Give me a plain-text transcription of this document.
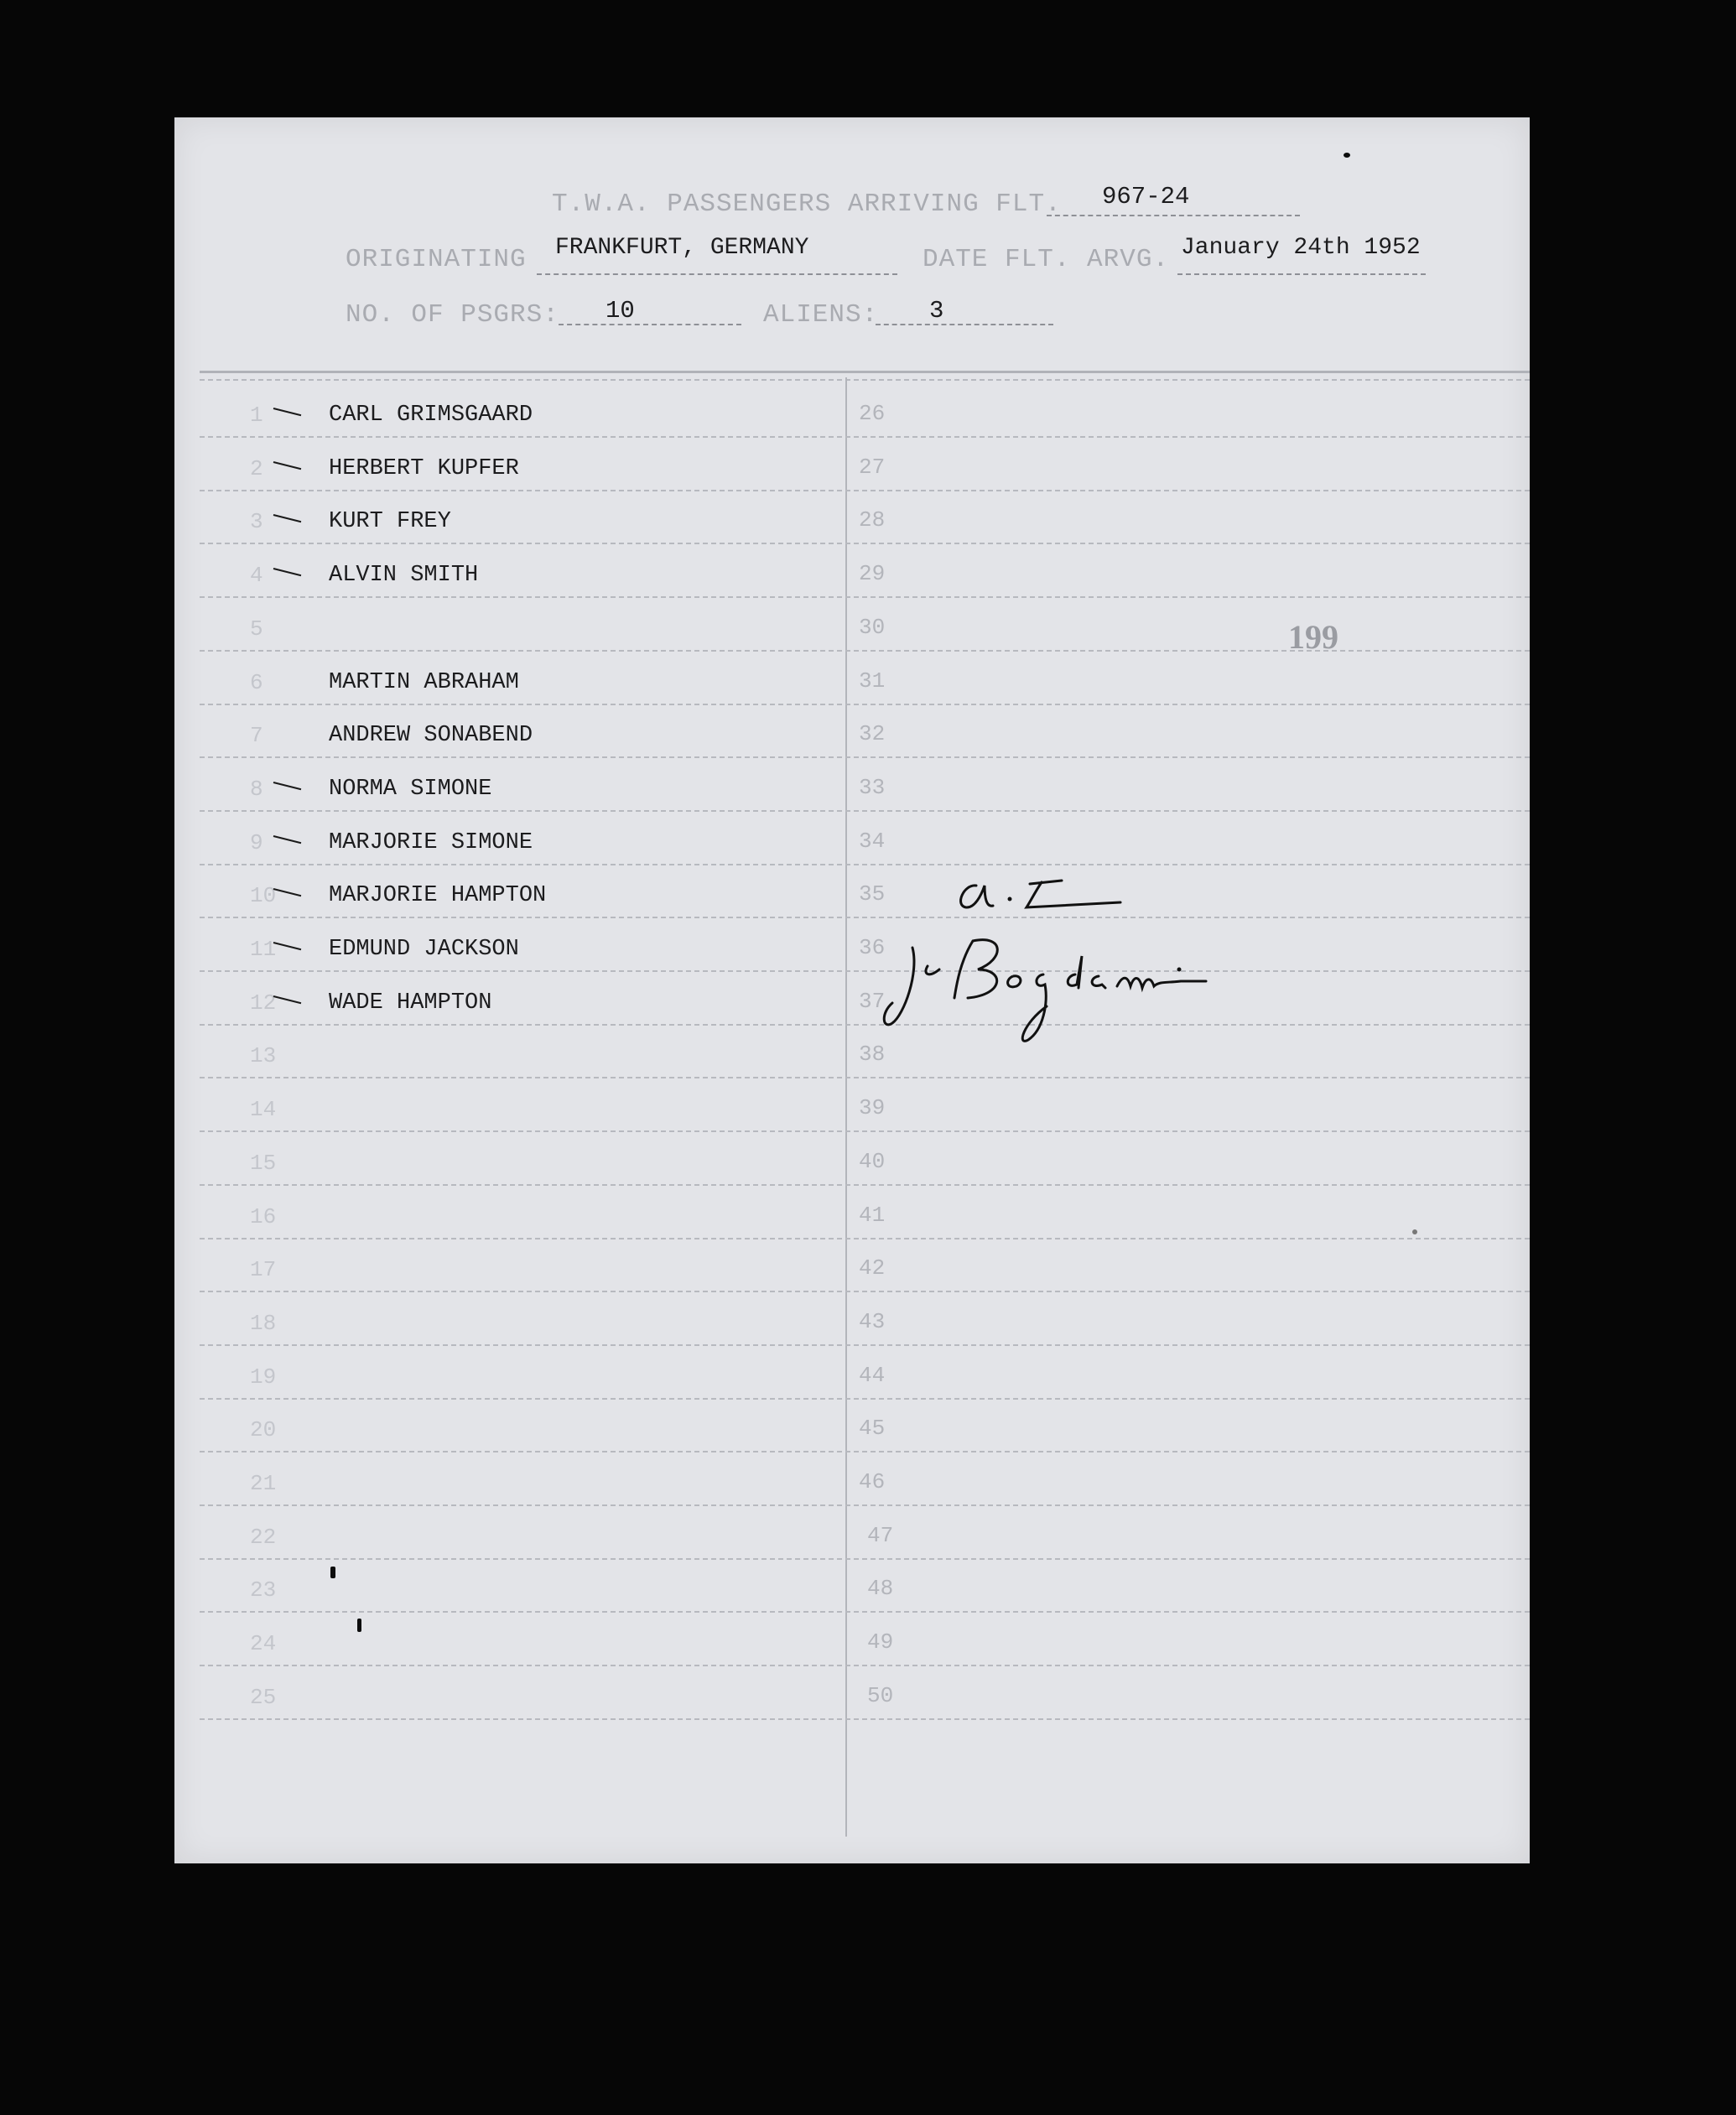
T.W.A. PASSENGERS ARRIVING FLT. 967-24
ORIGINATING FRANKFURT, GERMANY	DATE FLT. ARVG. January 24th 1952
NO. OF PSGRS: 10	ALIENS: 3
1	CARL GRIMSGAARD	26
2	HERBERT KUPFER	27
3	KURT FREY	28
4	ALVIN SMITH	29
5	30
6	MARTIN ABRAHAM	31
7	ANDREW SONABEND	32
8	NORMA SIMONE	33
9	MARJORIE SIMONE	34
10	MARJORIE HAMPTON	35
11	EDMUND JACKSON	36
12	WADE HAMPTON	37
13	38
14	39
15	40
16	41
17	42
18	43
19	44
20	45
21	46
22	47
23	48
24	49
25	50
199
